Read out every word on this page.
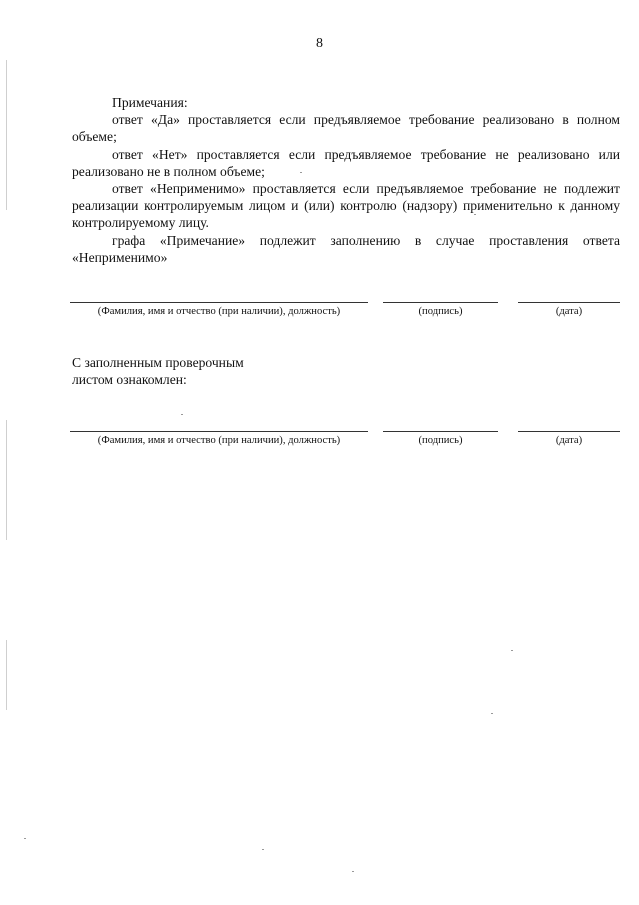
8

Примечания:

ответ «Да» проставляется если предъявляемое требование реализовано в полном объеме;

ответ «Нет» проставляется если предъявляемое требование не реализовано или реализовано не в полном объеме;

ответ «Неприменимо» проставляется если предъявляемое требование не подлежит реализации контролируемым лицом и (или) контролю (надзору) применительно к данному контролируемому лицу.

графа «Примечание» подлежит заполнению в случае проставления ответа «Неприменимо»

(Фамилия, имя и отчество (при наличии), должность)	(подпись)	(дата)
С заполненным проверочным
листом ознакомлен:
(Фамилия, имя и отчество (при наличии), должность)	(подпись)	(дата)
